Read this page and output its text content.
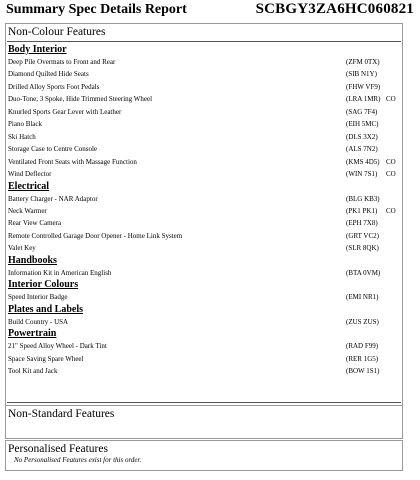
Summary Spec Details Report	SCBGY3ZA6HC060821
Non-Colour Features
Body Interior
Deep Pile Overmats to Front and Rear	(ZFM 0TX)
Diamond Quilted Hide Seats	(SIB N1Y)
Drilled Alloy Sports Foot Pedals	(FHW VF9)
Duo-Tone, 3 Spoke, Hide Trimmed Steering Wheel	(LRA 1MR) CO
Knurled Sports Gear Lever with Leather	(SAG 7F4)
Piano Black	(EIH 5MC)
Ski Hatch	(DLS 3X2)
Storage Case to Centre Console	(ALS 7N2)
Ventilated Front Seats with Massage Function	(KMS 4D5) CO
Wind Deflector	(WIN 7S1) CO
Electrical
Battery Charger - NAR Adaptor	(BLG KB3)
Neck Warmer	(PK1 PK1) CO
Rear View Camera	(EPH 7X8)
Remote Controlled Garage Door Opener - Home Link System	(GRT VC2)
Valet Key	(SLR 8QK)
Handbooks
Information Kit in American English	(BTA 0VM)
Interior Colours
Speed Interior Badge	(EMI NR1)
Plates and Labels
Build Country - USA	(ZUS ZUS)
Powertrain
21" Speed Alloy Wheel - Dark Tint	(RAD F99)
Space Saving Spare Wheel	(RER 1G5)
Tool Kit and Jack	(BOW 1S1)
Non-Standard Features
Personalised Features
No Personalised Features exist for this order.
